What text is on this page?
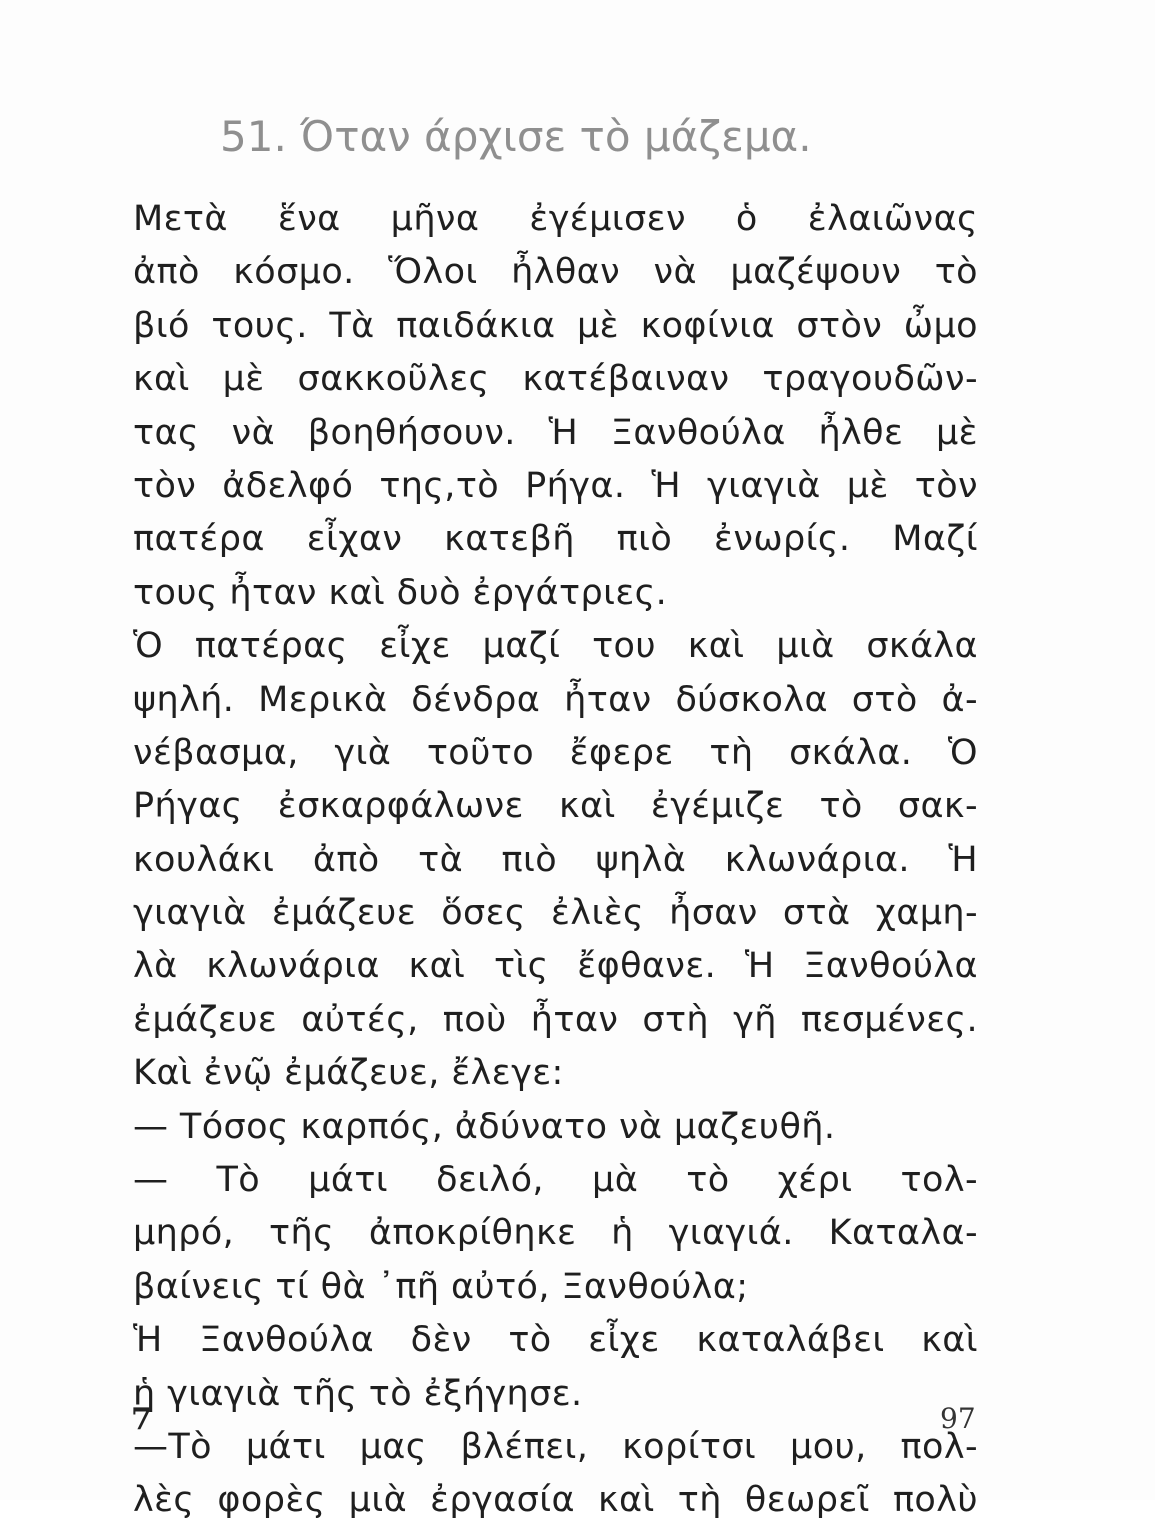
51. Όταν άρχισε τὸ μάζεμα.
Μετὰ ἕνα μῆνα ἐγέμισεν ὁ ἐλαιῶνας
ἀπὸ κόσμο. Ὅλοι ἦλθαν νὰ μαζέψουν τὸ
βιό τους. Τὰ παιδάκια μὲ κοφίνια στὸν ὦμο
καὶ μὲ σακκοῦλες κατέβαιναν τραγουδῶν-
τας νὰ βοηθήσουν. Ἡ Ξανθούλα ἦλθε μὲ
τὸν ἀδελφό της,τὸ Ρήγα. Ἡ γιαγιὰ μὲ τὸν
πατέρα εἶχαν κατεβῆ πιὸ ἐνωρίς. Μαζί
τους ἦταν καὶ δυὸ ἐργάτριες.
Ὁ πατέρας εἶχε μαζί του καὶ μιὰ σκάλα
ψηλή. Μερικὰ δένδρα ἦταν δύσκολα στὸ ἀ-
νέβασμα, γιὰ τοῦτο ἔφερε τὴ σκάλα. Ὁ
Ρήγας ἐσκαρφάλωνε καὶ ἐγέμιζε τὸ σακ-
κουλάκι ἀπὸ τὰ πιὸ ψηλὰ κλωνάρια. Ἡ
γιαγιὰ ἐμάζευε ὅσες ἐλιὲς ἦσαν στὰ χαμη-
λὰ κλωνάρια καὶ τὶς ἔφθανε. Ἡ Ξανθούλα
ἐμάζευε αὐτές, ποὺ ἦταν στὴ γῆ πεσμένες.
Καὶ ἐνῷ ἐμάζευε, ἔλεγε:
— Τόσος καρπός, ἀδύνατο νὰ μαζευθῆ.
— Τὸ μάτι δειλό, μὰ τὸ χέρι τολ-
μηρό, τῆς ἀποκρίθηκε ἡ γιαγιά. Καταλα-
βαίνεις τί θὰ ᾿πῆ αὐτό, Ξανθούλα;
Ἡ Ξανθούλα δὲν τὸ εἶχε καταλάβει καὶ
ἡ γιαγιὰ τῆς τὸ ἐξήγησε.
—Τὸ μάτι μας βλέπει, κορίτσι μου, πολ-
λὲς φορὲς μιὰ ἐργασία καὶ τὴ θεωρεῖ πολὺ
7	97
